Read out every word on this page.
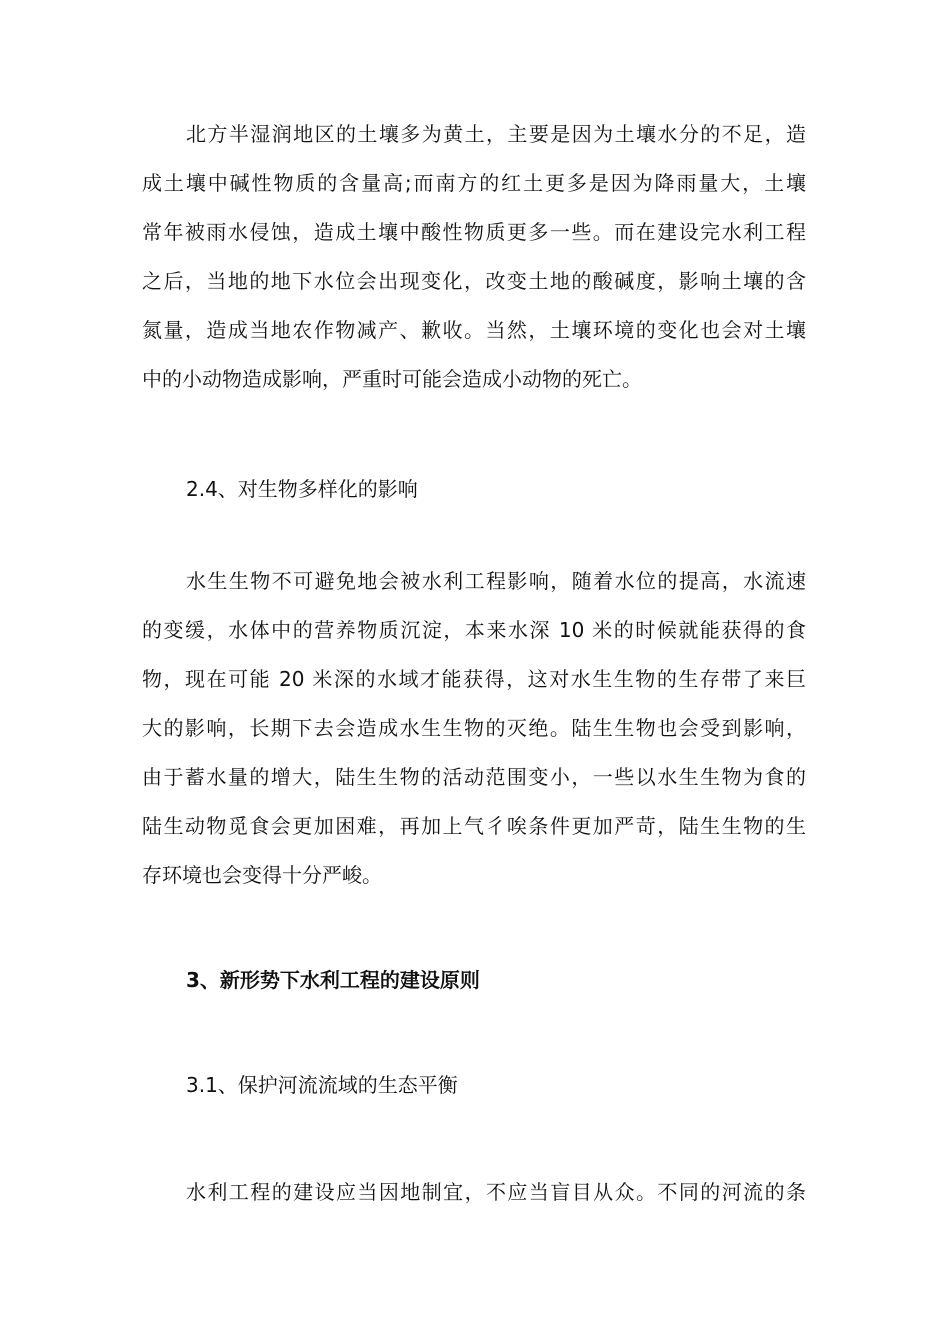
北方半湿润地区的土壤多为黄土，主要是因为土壤水分的不足，造
成土壤中碱性物质的含量高;而南方的红土更多是因为降雨量大，土壤
常年被雨水侵蚀，造成土壤中酸性物质更多一些。而在建设完水利工程
之后，当地的地下水位会出现变化，改变土地的酸碱度，影响土壤的含
氮量，造成当地农作物减产、歉收。当然，土壤环境的变化也会对土壤
中的小动物造成影响，严重时可能会造成小动物的死亡。
2.4、对生物多样化的影响
水生生物不可避免地会被水利工程影响，随着水位的提高，水流速
的变缓，水体中的营养物质沉淀，本来水深 10 米的时候就能获得的食
物，现在可能 20 米深的水域才能获得，这对水生生物的生存带了来巨
大的影响，长期下去会造成水生生物的灭绝。陆生生物也会受到影响，
由于蓄水量的增大，陆生生物的活动范围变小，一些以水生生物为食的
陆生动物觅食会更加困难，再加上气彳唉条件更加严苛，陆生生物的生
存环境也会变得十分严峻。
3、新形势下水利工程的建设原则
3.1、保护河流流域的生态平衡
水利工程的建设应当因地制宜，不应当盲目从众。不同的河流的条
